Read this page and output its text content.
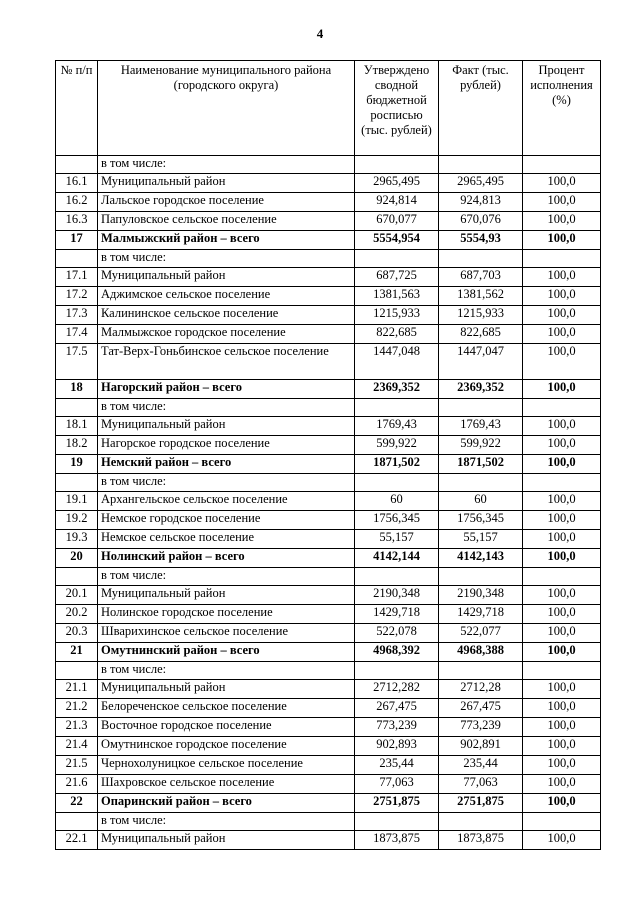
4
№ п/п	Наименование муниципального района (городского округа)	Утверждено сводной бюджетной росписью (тыс. рублей)	Факт (тыс. рублей)	Процент исполнения (%)
	в том числе:			
16.1	Муниципальный район	2965,495	2965,495	100,0
16.2	Лальское городское поселение	924,814	924,813	100,0
16.3	Папуловское сельское поселение	670,077	670,076	100,0
17	Малмыжский район – всего	5554,954	5554,93	100,0
	в том числе:			
17.1	Муниципальный район	687,725	687,703	100,0
17.2	Аджимское сельское поселение	1381,563	1381,562	100,0
17.3	Калининское сельское поселение	1215,933	1215,933	100,0
17.4	Малмыжское городское поселение	822,685	822,685	100,0
17.5	Тат-Верх-Гоньбинское сельское поселение	1447,048	1447,047	100,0
18	Нагорский район – всего	2369,352	2369,352	100,0
	в том числе:			
18.1	Муниципальный район	1769,43	1769,43	100,0
18.2	Нагорское городское поселение	599,922	599,922	100,0
19	Немский район – всего	1871,502	1871,502	100,0
	в том числе:			
19.1	Архангельское сельское поселение	60	60	100,0
19.2	Немское городское поселение	1756,345	1756,345	100,0
19.3	Немское сельское поселение	55,157	55,157	100,0
20	Нолинский район – всего	4142,144	4142,143	100,0
	в том числе:			
20.1	Муниципальный район	2190,348	2190,348	100,0
20.2	Нолинское городское поселение	1429,718	1429,718	100,0
20.3	Шварихинское сельское поселение	522,078	522,077	100,0
21	Омутнинский район – всего	4968,392	4968,388	100,0
	в том числе:			
21.1	Муниципальный район	2712,282	2712,28	100,0
21.2	Белореченское сельское поселение	267,475	267,475	100,0
21.3	Восточное городское поселение	773,239	773,239	100,0
21.4	Омутнинское городское поселение	902,893	902,891	100,0
21.5	Чернохолуницкое сельское поселение	235,44	235,44	100,0
21.6	Шахровское сельское поселение	77,063	77,063	100,0
22	Опаринский район – всего	2751,875	2751,875	100,0
	в том числе:			
22.1	Муниципальный район	1873,875	1873,875	100,0
